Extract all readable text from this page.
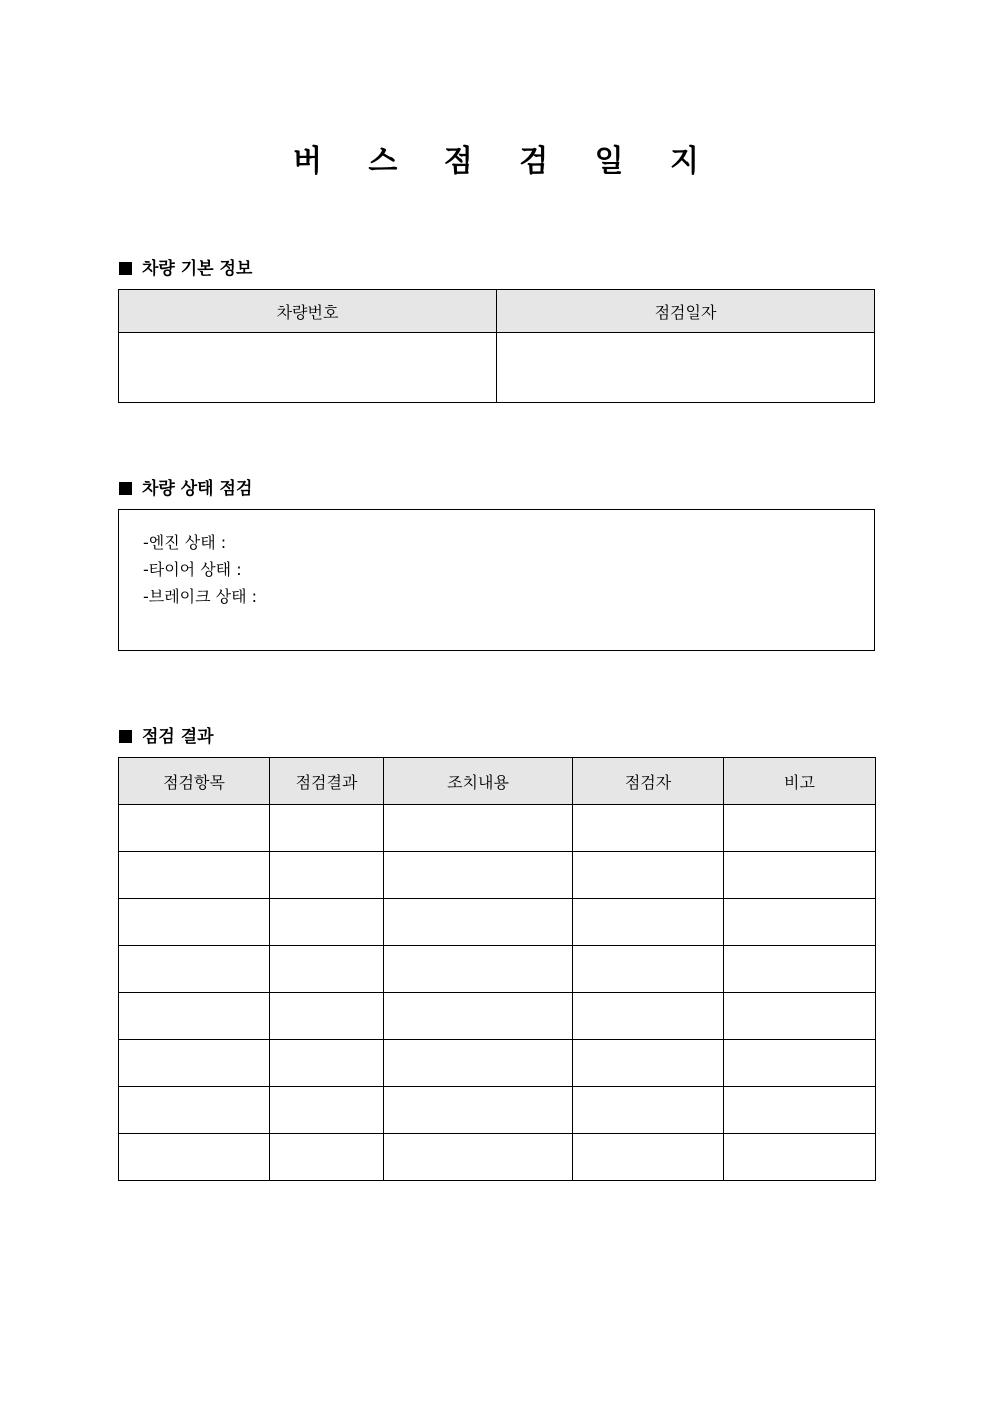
버 스 점 검 일 지
차량 기본 정보
차량번호	점검일자

차량 상태 점검
-엔진 상태 :
-타이어 상태 :
-브레이크 상태 :
점검 결과
점검항목	점검결과	조치내용	점검자	비고
